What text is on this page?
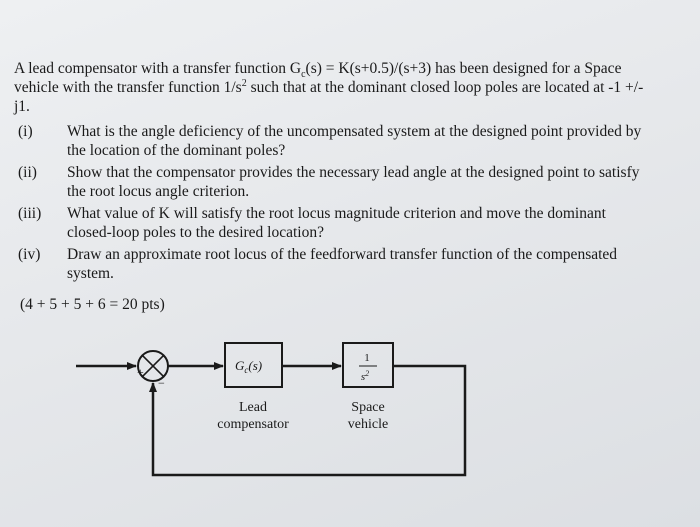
A lead compensator with a transfer function $G_c(s) = K(s+0.5)/(s+3)$ has been designed for a Space vehicle with the transfer function $1/s^2$ such that at the dominant closed loop poles are located at -1 +/-j1.

(i)	What is the angle deficiency of the uncompensated system at the designed point provided by the location of the dominant poles?
(ii)	Show that the compensator provides the necessary lead angle at the designed point to satisfy the root locus angle criterion.
(iii)	What value of K will satisfy the root locus magnitude criterion and move the dominant closed-loop poles to the desired location?
(iv)	Draw an approximate root locus of the feedforward transfer function of the compensated system.
(4 + 5 + 5 + 6 = 20 pts)
+
−
$G_c(s)$	1
$s^2$
Lead
compensator
Space
vehicle
